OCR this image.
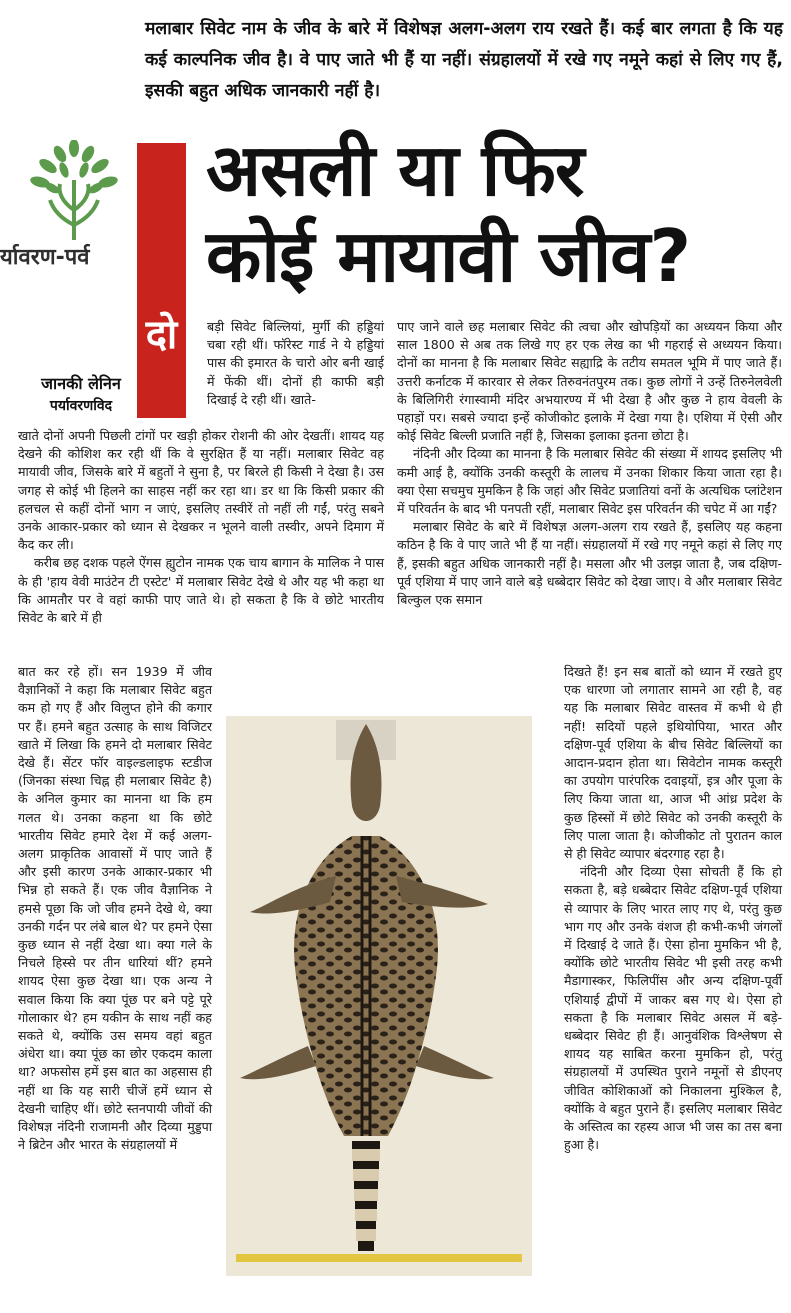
मलाबार सिवेट नाम के जीव के बारे में विशेषज्ञ अलग-अलग राय रखते हैं। कई बार लगता है कि यह कई काल्पनिक जीव है। वे पाए जाते भी हैं या नहीं। संग्रहालयों में रखे गए नमूने कहां से लिए गए हैं, इसकी बहुत अधिक जानकारी नहीं है।
र्यावरण-पर्व
दो
असली या फिर
कोई मायावी जीव?
जानकी लेनिन
पर्यावरणविद

बड़ी सिवेट बिल्लियां, मुर्गी की हड्डियां चबा रही थीं। फॉरेस्ट गार्ड ने ये हड्डियां पास की इमारत के चारो ओर बनी खाई में फेंकी थीं। दोनों ही काफी बड़ी दिखाई दे रही थीं। खाते-

खाते दोनों अपनी पिछली टांगों पर खड़ी होकर रोशनी की ओर देखतीं। शायद यह देखने की कोशिश कर रही थीं कि वे सुरक्षित हैं या नहीं। मलाबार सिवेट वह मायावी जीव, जिसके बारे में बहुतों ने सुना है, पर बिरले ही किसी ने देखा है। उस जगह से कोई भी हिलने का साहस नहीं कर रहा था। डर था कि किसी प्रकार की हलचल से कहीं दोनों भाग न जाएं, इसलिए तस्वीरें तो नहीं ली गईं, परंतु सबने उनके आकार-प्रकार को ध्यान से देखकर न भूलने वाली तस्वीर, अपने दिमाग में कैद कर ली।

करीब छह दशक पहले ऐंगस ह्युटोन नामक एक चाय बागान के मालिक ने पास के ही 'हाय वेवी माउंटेन टी एस्टेट' में मलाबार सिवेट देखे थे और यह भी कहा था कि आमतौर पर वे वहां काफी पाए जाते थे। हो सकता है कि वे छोटे भारतीय सिवेट के बारे में ही

बात कर रहे हों। सन 1939 में जीव वैज्ञानिकों ने कहा कि मलाबार सिवेट बहुत कम हो गए हैं और विलुप्त होने की कगार पर हैं। हमने बहुत उत्साह के साथ विजिटर खाते में लिखा कि हमने दो मलाबार सिवेट देखे हैं। सेंटर फॉर वाइल्डलाइफ स्टडीज (जिनका संस्था चिह्न ही मलाबार सिवेट है) के अनिल कुमार का मानना था कि हम गलत थे। उनका कहना था कि छोटे भारतीय सिवेट हमारे देश में कई अलग-अलग प्राकृतिक आवासों में पाए जाते हैं और इसी कारण उनके आकार-प्रकार भी भिन्न हो सकते हैं। एक जीव वैज्ञानिक ने हमसे पूछा कि जो जीव हमने देखे थे, क्या उनकी गर्दन पर लंबे बाल थे? पर हमने ऐसा कुछ ध्यान से नहीं देखा था। क्या गले के निचले हिस्से पर तीन धारियां थीं? हमने शायद ऐसा कुछ देखा था। एक अन्य ने सवाल किया कि क्या पूंछ पर बने पट्टे पूरे गोलाकार थे? हम यकीन के साथ नहीं कह सकते थे, क्योंकि उस समय वहां बहुत अंधेरा था। क्या पूंछ का छोर एकदम काला था? अफसोस हमें इस बात का अहसास ही नहीं था कि यह सारी चीजें हमें ध्यान से देखनी चाहिए थीं। छोटे स्तनपायी जीवों की विशेषज्ञ नंदिनी राजामनी और दिव्या मुड्डपा ने ब्रिटेन और भारत के संग्रहालयों में

पाए जाने वाले छह मलाबार सिवेट की त्वचा और खोपड़ियों का अध्ययन किया और साल 1800 से अब तक लिखे गए हर एक लेख का भी गहराई से अध्ययन किया। दोनों का मानना है कि मलाबार सिवेट सह्याद्रि के तटीय समतल भूमि में पाए जाते हैं। उत्तरी कर्नाटक में कारवार से लेकर तिरुवनंतपुरम तक। कुछ लोगों ने उन्हें तिरुनेलवेली के बिलिगिरी रंगास्वामी मंदिर अभयारण्य में भी देखा है और कुछ ने हाय वेवली के पहाड़ों पर। सबसे ज्यादा इन्हें कोजीकोट इलाके में देखा गया है। एशिया में ऐसी और कोई सिवेट बिल्ली प्रजाति नहीं है, जिसका इलाका इतना छोटा है।

नंदिनी और दिव्या का मानना है कि मलाबार सिवेट की संख्या में शायद इसलिए भी कमी आई है, क्योंकि उनकी कस्तूरी के लालच में उनका शिकार किया जाता रहा है। क्या ऐसा सचमुच मुमकिन है कि जहां और सिवेट प्रजातियां वनों के अत्यधिक प्लांटेशन में परिवर्तन के बाद भी पनपती रहीं, मलाबार सिवेट इस परिवर्तन की चपेट में आ गईं?

मलाबार सिवेट के बारे में विशेषज्ञ अलग-अलग राय रखते हैं, इसलिए यह कहना कठिन है कि वे पाए जाते भी हैं या नहीं। संग्रहालयों में रखे गए नमूने कहां से लिए गए हैं, इसकी बहुत अधिक जानकारी नहीं है। मसला और भी उलझ जाता है, जब दक्षिण-पूर्व एशिया में पाए जाने वाले बड़े धब्बेदार सिवेट को देखा जाए। वे और मलाबार सिवेट बिल्कुल एक समान

दिखते हैं! इन सब बातों को ध्यान में रखते हुए एक धारणा जो लगातार सामने आ रही है, वह यह कि मलाबार सिवेट वास्तव में कभी थे ही नहीं! सदियों पहले इथियोपिया, भारत और दक्षिण-पूर्व एशिया के बीच सिवेट बिल्लियों का आदान-प्रदान होता था। सिवेटोन नामक कस्तूरी का उपयोग पारंपरिक दवाइयों, इत्र और पूजा के लिए किया जाता था, आज भी आंध्र प्रदेश के कुछ हिस्सों में छोटे सिवेट को उनकी कस्तूरी के लिए पाला जाता है। कोजीकोट तो पुरातन काल से ही सिवेट व्यापार बंदरगाह रहा है।

नंदिनी और दिव्या ऐसा सोचती हैं कि हो सकता है, बड़े धब्बेदार सिवेट दक्षिण-पूर्व एशिया से व्यापार के लिए भारत लाए गए थे, परंतु कुछ भाग गए और उनके वंशज ही कभी-कभी जंगलों में दिखाई दे जाते हैं। ऐसा होना मुमकिन भी है, क्योंकि छोटे भारतीय सिवेट भी इसी तरह कभी मैडागास्कर, फिलिपींस और अन्य दक्षिण-पूर्वी एशियाई द्वीपों में जाकर बस गए थे। ऐसा हो सकता है कि मलाबार सिवेट असल में बड़े-धब्बेदार सिवेट ही हैं। आनुवंशिक विश्लेषण से शायद यह साबित करना मुमकिन हो, परंतु संग्रहालयों में उपस्थित पुराने नमूनों से डीएनए जीवित कोशिकाओं को निकालना मुश्किल है, क्योंकि वे बहुत पुराने हैं। इसलिए मलाबार सिवेट के अस्तित्व का रहस्य आज भी जस का तस बना हुआ है।
